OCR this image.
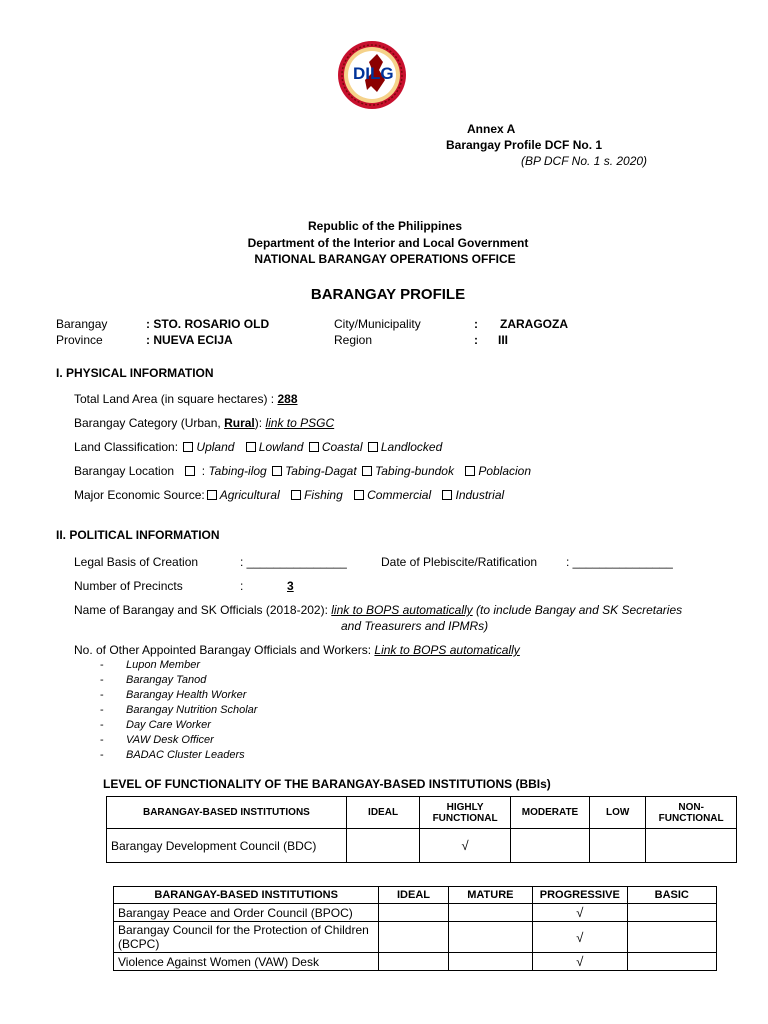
DILG
Annex A
Barangay Profile DCF No. 1
(BP DCF No. 1 s. 2020)
Republic of the Philippines
Department of the Interior and Local Government
NATIONAL BARANGAY OPERATIONS OFFICE
BARANGAY PROFILE
Barangay	: STO. ROSARIO OLD
Province	: NUEVA ECIJA
City/Municipality	: ZARAGOZA
Region	: III
I. PHYSICAL INFORMATION
Total Land Area (in square hectares) : 288
Barangay Category (Urban, Rural): link to PSGC
Land Classification: Upland Lowland Coastal Landlocked
Barangay Location : Tabing-ilog Tabing-Dagat Tabing-bundok Poblacion
Major Economic Source: Agricultural Fishing Commercial Industrial
II. POLITICAL INFORMATION
Legal Basis of Creation	: _______________	Date of Plebiscite/Ratification : _______________
Number of Precincts	:	3
Name of Barangay and SK Officials (2018-202): link to BOPS automatically (to include Bangay and SK Secretaries
and Treasurers and IPMRs)
No. of Other Appointed Barangay Officials and Workers: Link to BOPS automatically
- Lupon Member
- Barangay Tanod
- Barangay Health Worker
- Barangay Nutrition Scholar
- Day Care Worker
- VAW Desk Officer
- BADAC Cluster Leaders
LEVEL OF FUNCTIONALITY OF THE BARANGAY-BASED INSTITUTIONS (BBIs)
BARANGAY-BASED INSTITUTIONS	IDEAL	HIGHLY FUNCTIONAL	MODERATE	LOW	NON-FUNCTIONAL
Barangay Development Council (BDC)		√			
BARANGAY-BASED INSTITUTIONS	IDEAL	MATURE	PROGRESSIVE	BASIC
Barangay Peace and Order Council (BPOC)			√	
Barangay Council for the Protection of Children (BCPC)			√	
Violence Against Women (VAW) Desk			√	
